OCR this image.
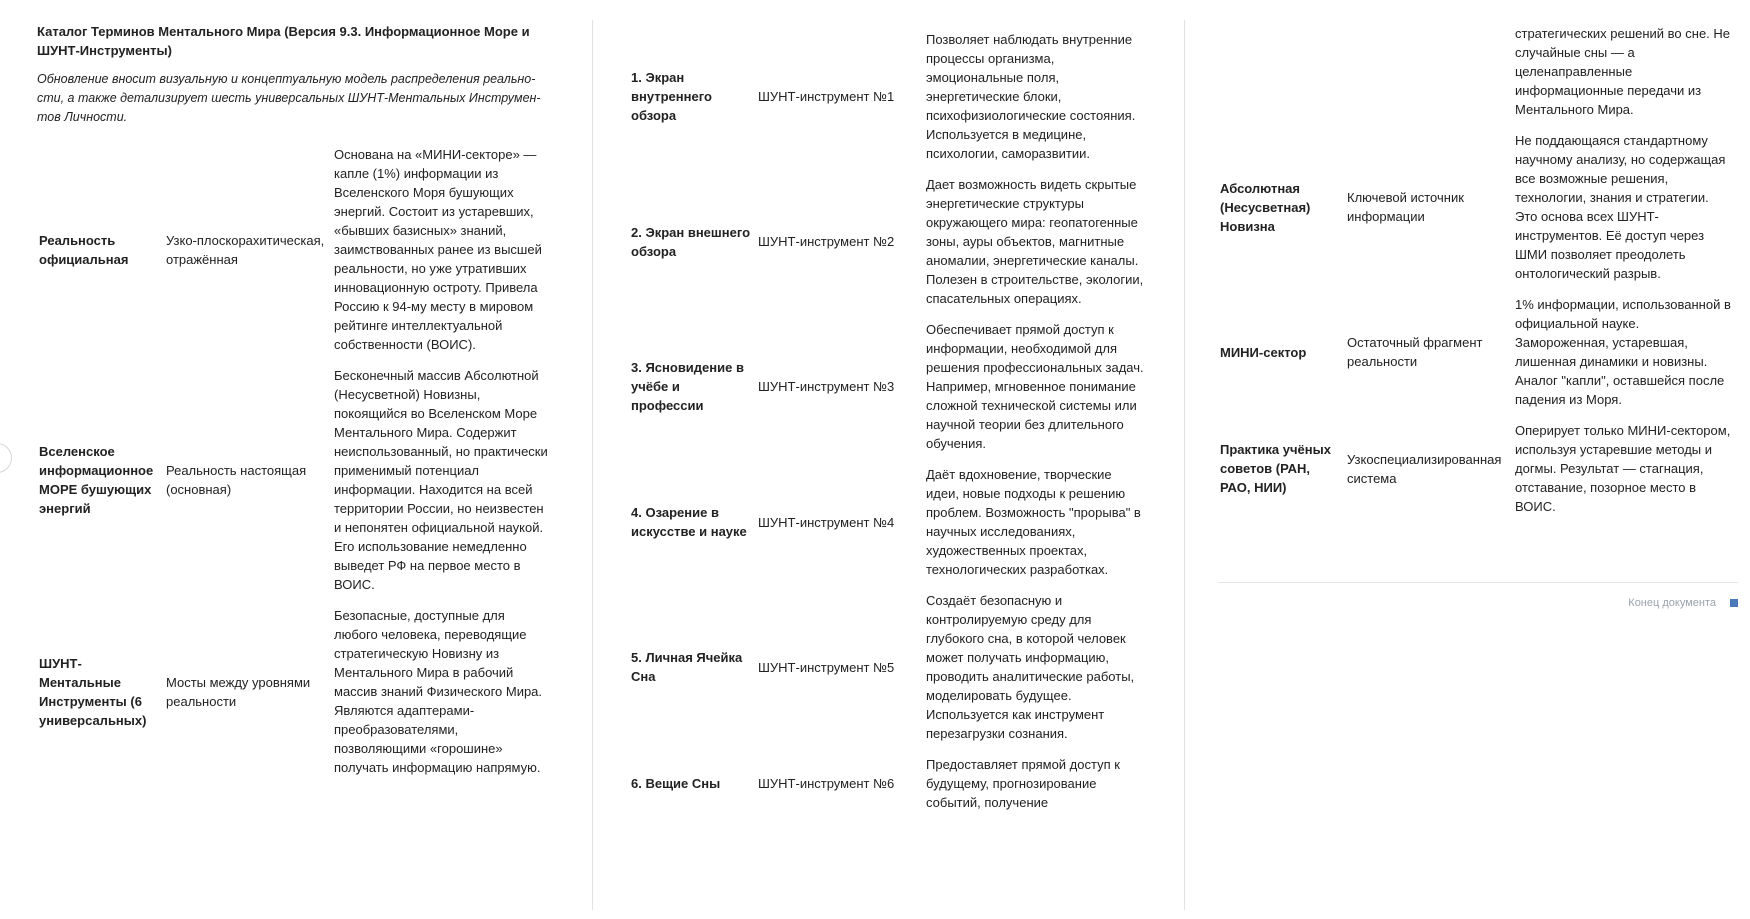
Каталог Терминов Ментального Мира (Версия 9.3. Информационное Море и ШУНТ-Инструменты)
Обновление вносит визуальную и концептуальную модель распределения реально-сти, а также детализирует шесть универсальных ШУНТ-Ментальных Инструмен-тов Личности.
Реальность официальная	Узко-плоскорахитическая, отражённая	Основана на «МИНИ-секторе» — капле (1%) информации из Вселенского Моря бушующих энергий. Состоит из устаревших, «бывших базисных» знаний, заимствованных ранее из высшей реальности, но уже утративших инновационную остроту. Привела Россию к 94-му месту в мировом рейтинге интеллектуальной собственности (ВОИС).
Вселенское информационное МОРЕ бушующих энергий	Реальность настоящая (основная)	Бесконечный массив Абсолютной (Несусветной) Новизны, покоящийся во Вселенском Море Ментального Мира. Содержит неиспользованный, но практически применимый потенциал информации. Находится на всей территории России, но неизвестен и непонятен официальной наукой. Его использование немедленно выведет РФ на первое место в ВОИС.
ШУНТ-Ментальные Инструменты (6 универсальных)	Мосты между уровнями реальности	Безопасные, доступные для любого человека, переводящие стратегическую Новизну из Ментального Мира в рабочий массив знаний Физического Мира. Являются адаптерами-преобразователями, позволяющими «горошине» получать информацию напрямую.
1. Экран внутреннего обзора	ШУНТ-инструмент №1	Позволяет наблюдать внутренние процессы организма, эмоциональные поля, энергетические блоки, психофизиологические состояния. Используется в медицине, психологии, саморазвитии.
2. Экран внешнего обзора	ШУНТ-инструмент №2	Дает возможность видеть скрытые энергетические структуры окружающего мира: геопатогенные зоны, ауры объектов, магнитные аномалии, энергетические каналы. Полезен в строительстве, экологии, спасательных операциях.
3. Ясновидение в учёбе и профессии	ШУНТ-инструмент №3	Обеспечивает прямой доступ к информации, необходимой для решения профессиональных задач. Например, мгновенное понимание сложной технической системы или научной теории без длительного обучения.
4. Озарение в искусстве и науке	ШУНТ-инструмент №4	Даёт вдохновение, творческие идеи, новые подходы к решению проблем. Возможность "прорыва" в научных исследованиях, художественных проектах, технологических разработках.
5. Личная Ячейка Сна	ШУНТ-инструмент №5	Создаёт безопасную и контролируемую среду для глубокого сна, в которой человек может получать информацию, проводить аналитические работы, моделировать будущее. Используется как инструмент перезагрузки сознания.
6. Вещие Сны	ШУНТ-инструмент №6	Предоставляет прямой доступ к будущему, прогнозирование событий, получение
		стратегических решений во сне. Не случайные сны — а целенаправленные информационные передачи из Ментального Мира.
Абсолютная (Несусветная) Новизна	Ключевой источник информации	Не поддающаяся стандартному научному анализу, но содержащая все возможные решения, технологии, знания и стратегии. Это основа всех ШУНТ-инструментов. Её доступ через ШМИ позволяет преодолеть онтологический разрыв.
МИНИ-сектор	Остаточный фрагмент реальности	1% информации, использованной в официальной науке. Замороженная, устаревшая, лишенная динамики и новизны. Аналог "капли", оставшейся после падения из Моря.
Практика учёных советов (РАН, РАО, НИИ)	Узкоспециализированная система	Оперирует только МИНИ-сектором, используя устаревшие методы и догмы. Результат — стагнация, отставание, позорное место в ВОИС.
Конец документа
